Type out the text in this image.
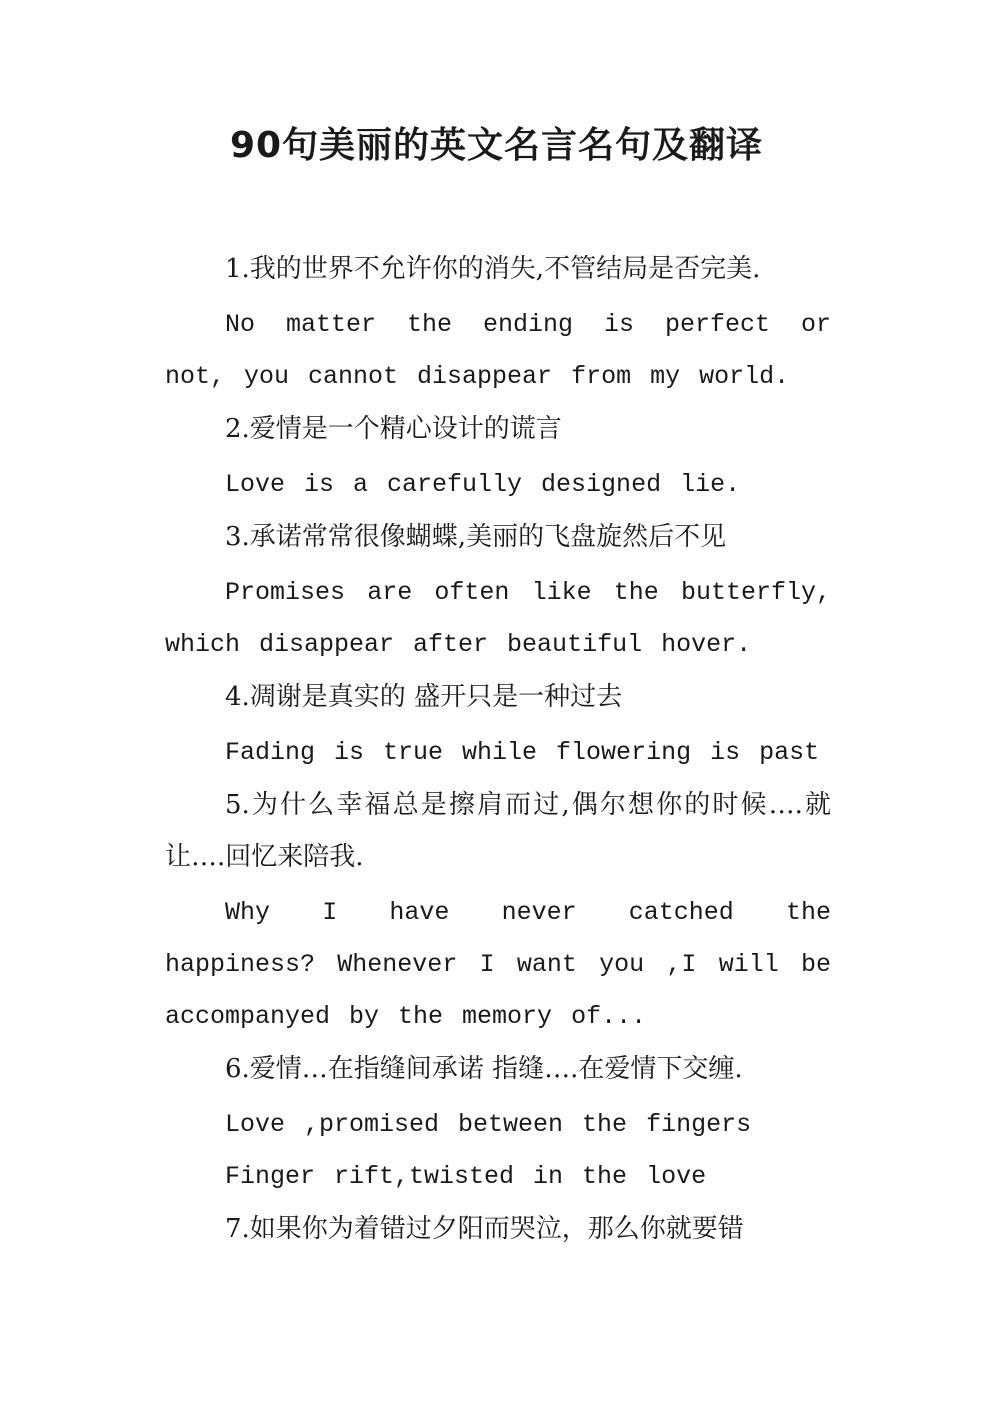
90句美丽的英文名言名句及翻译

1.我的世界不允许你的消失,不管结局是否完美.

No matter the ending is perfect or not, you cannot disappear from my world.

2.爱情是一个精心设计的谎言

Love is a carefully designed lie.

3.承诺常常很像蝴蝶,美丽的飞盘旋然后不见

Promises are often like the butterfly, which disappear after beautiful hover.

4.凋谢是真实的 盛开只是一种过去

Fading is true while flowering is past

5.为什么幸福总是擦肩而过,偶尔想你的时候….就让….回忆来陪我.

Why I have never catched the happiness? Whenever I want you ,I will be accompanyed by the memory of...

6.爱情…在指缝间承诺 指缝….在爱情下交缠.

Love ,promised between the fingers

Finger rift,twisted in the love

7.如果你为着错过夕阳而哭泣，那么你就要错
